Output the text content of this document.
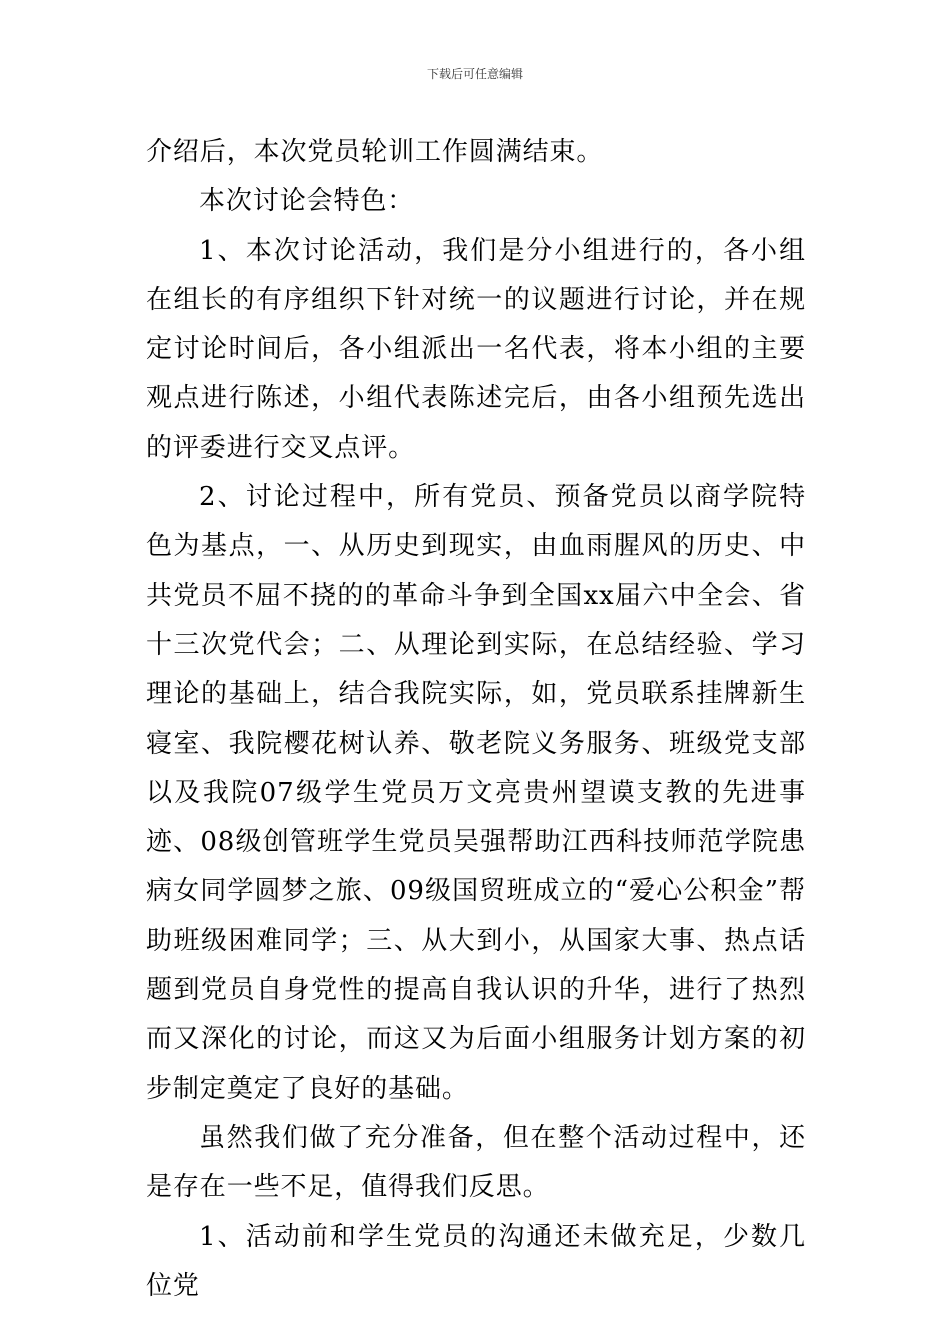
下载后可任意编辑

介绍后，本次党员轮训工作圆满结束。

本次讨论会特色：

1、本次讨论活动，我们是分小组进行的，各小组在组长的有序组织下针对统一的议题进行讨论，并在规定讨论时间后，各小组派出一名代表，将本小组的主要观点进行陈述，小组代表陈述完后，由各小组预先选出的评委进行交叉点评。

2、讨论过程中，所有党员、预备党员以商学院特色为基点，一、从历史到现实，由血雨腥风的历史、中共党员不屈不挠的的革命斗争到全国xx届六中全会、省十三次党代会；二、从理论到实际，在总结经验、学习理论的基础上，结合我院实际，如，党员联系挂牌新生寝室、我院樱花树认养、敬老院义务服务、班级党支部以及我院07级学生党员万文亮贵州望谟支教的先进事迹、08级创管班学生党员吴强帮助江西科技师范学院患病女同学圆梦之旅、09级国贸班成立的“爱心公积金”帮助班级困难同学；三、从大到小，从国家大事、热点话题到党员自身党性的提高自我认识的升华，进行了热烈而又深化的讨论，而这又为后面小组服务计划方案的初步制定奠定了良好的基础。

虽然我们做了充分准备，但在整个活动过程中，还是存在一些不足，值得我们反思。

1、活动前和学生党员的沟通还未做充足，少数几位党
